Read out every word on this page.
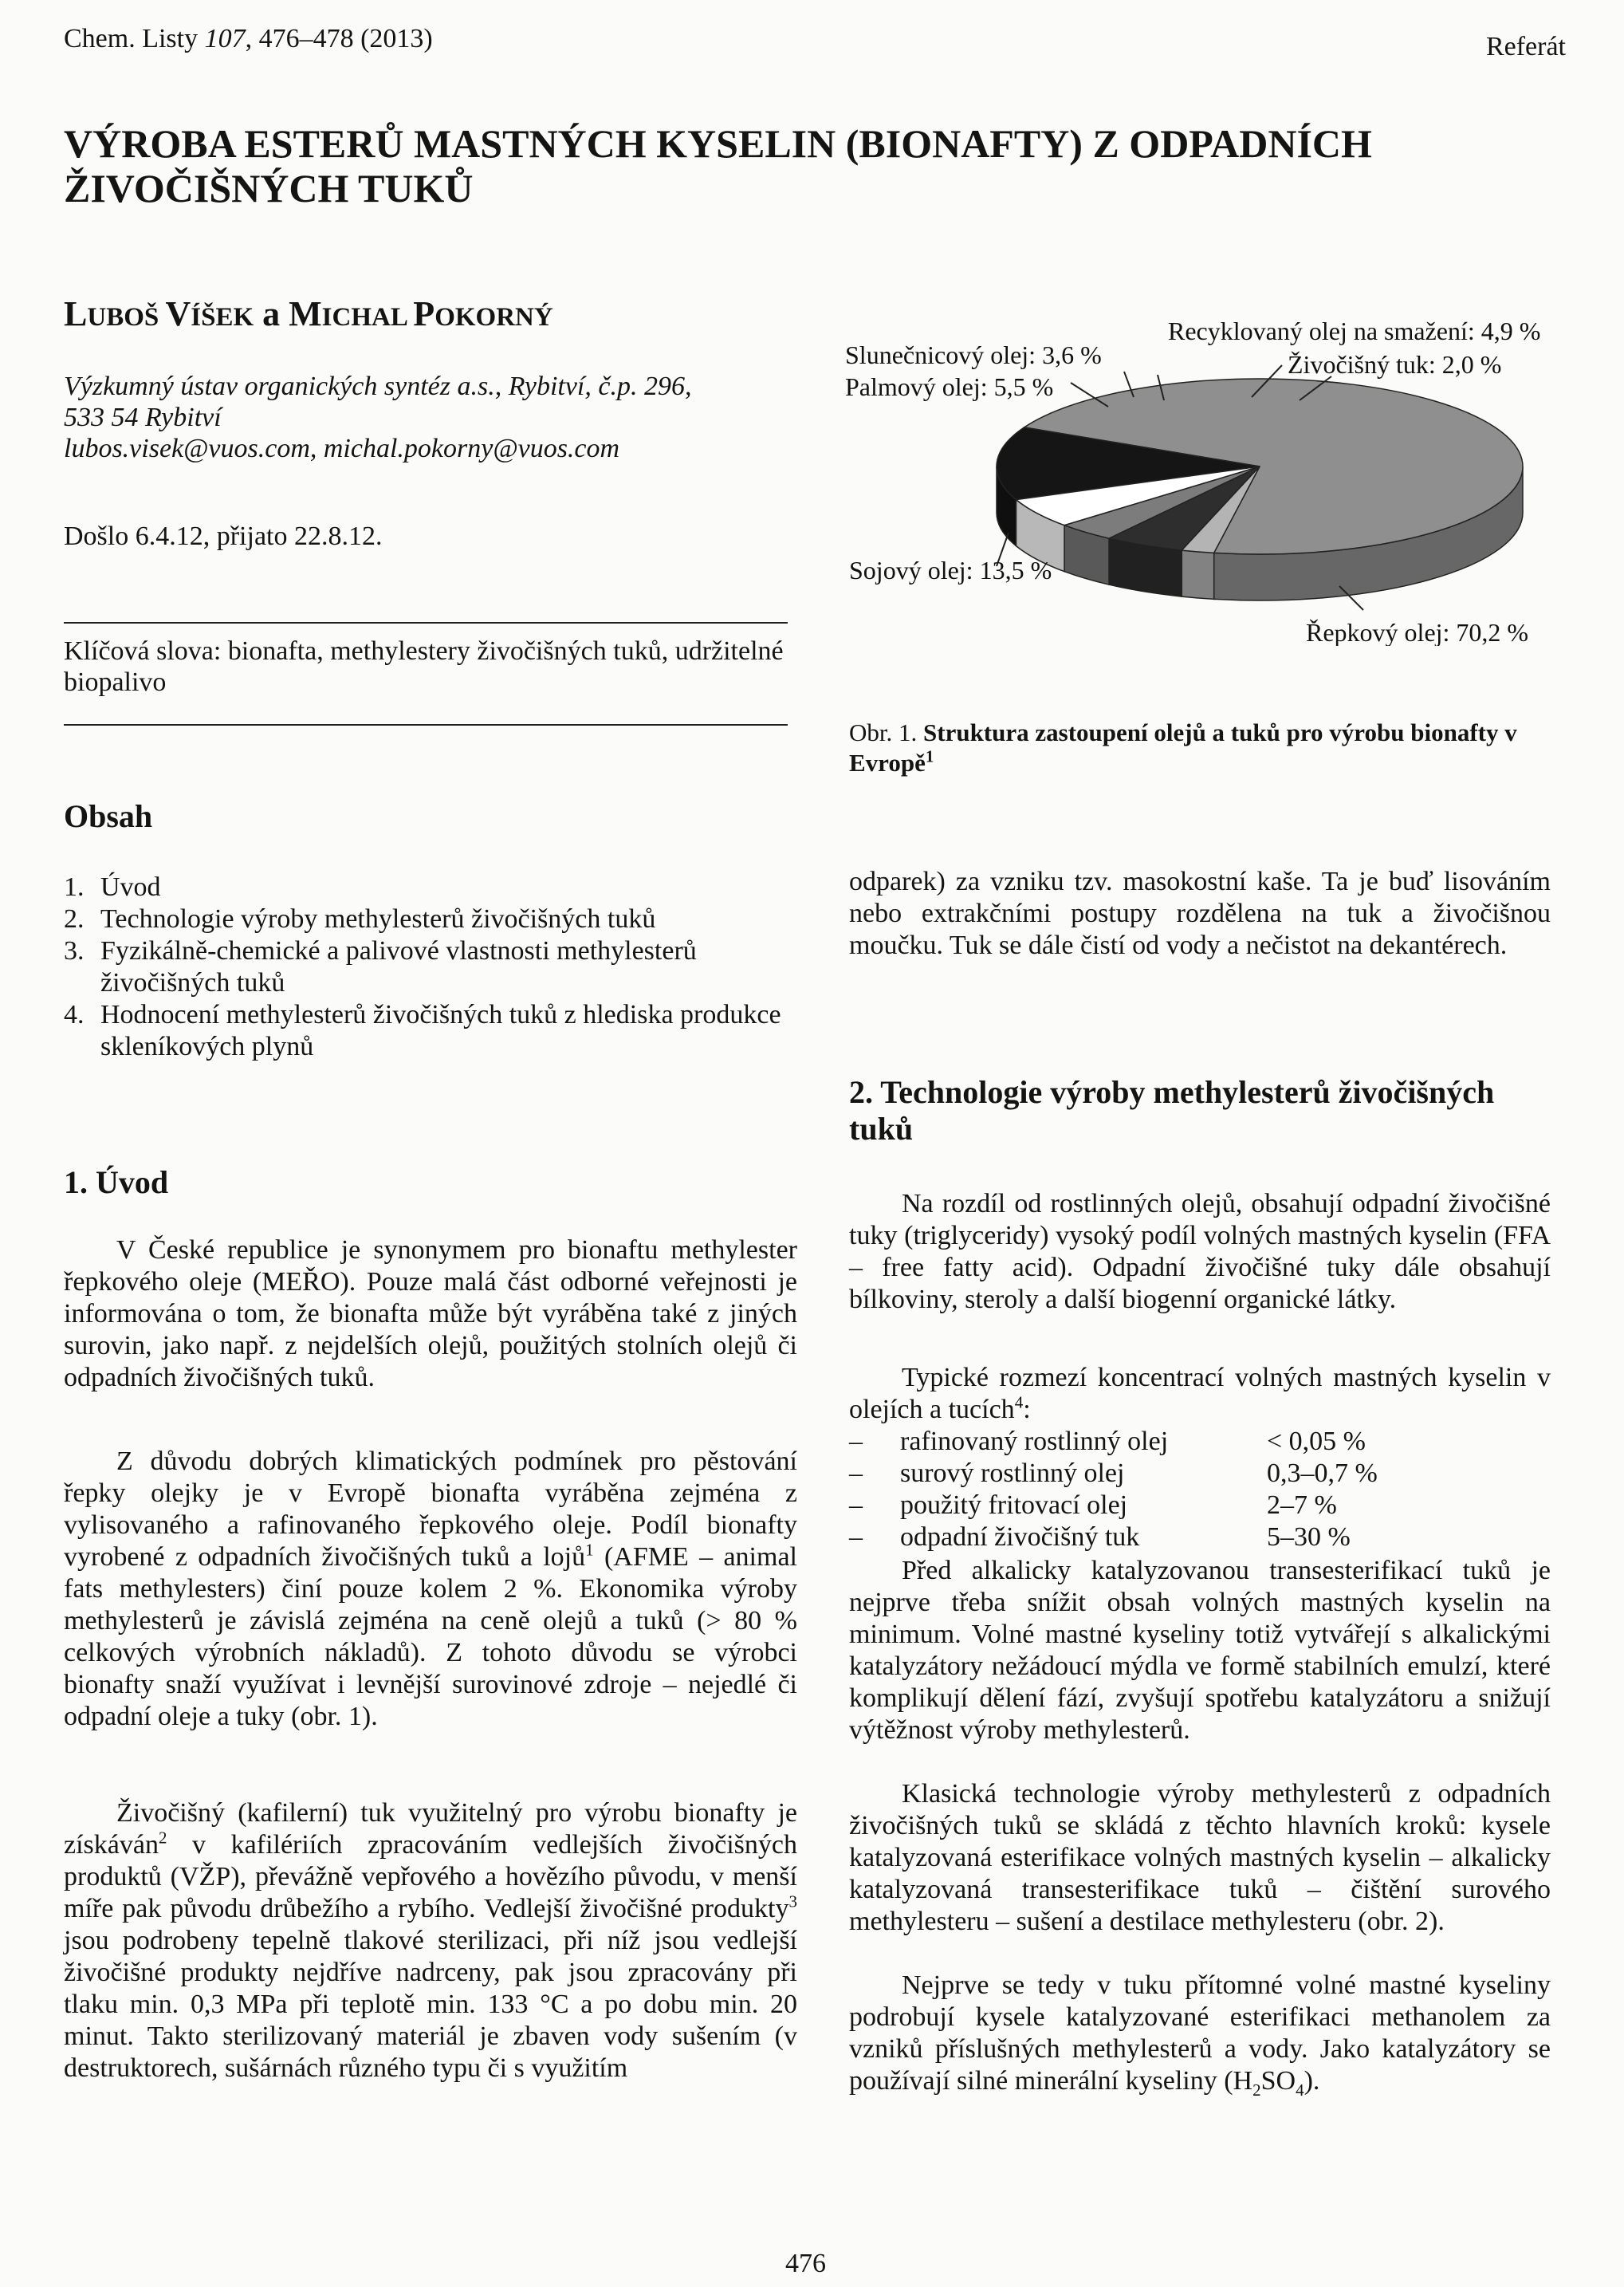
Chem. Listy 107, 476–478 (2013)	Referát
VÝROBA ESTERŮ MASTNÝCH KYSELIN (BIONAFTY) Z ODPADNÍCH
ŽIVOČIŠNÝCH TUKŮ
LUBOŠ VÍŠEK a MICHAL POKORNÝ
Výzkumný ústav organických syntéz a.s., Rybitví, č.p. 296,
533 54 Rybitví
lubos.visek@vuos.com, michal.pokorny@vuos.com
Došlo 6.4.12, přijato 22.8.12.
Klíčová slova: bionafta, methylestery živočišných tuků, udržitelné biopalivo
Obsah
1. Úvod
2. Technologie výroby methylesterů živočišných tuků
3. Fyzikálně-chemické a palivové vlastnosti methylesterů živočišných tuků
4. Hodnocení methylesterů živočišných tuků z hlediska produkce skleníkových plynů
1. Úvod

V České republice je synonymem pro bionaftu methylester řepkového oleje (MEŘO). Pouze malá část odborné veřejnosti je informována o tom, že bionafta může být vyráběna také z jiných surovin, jako např. z nejdelších olejů, použitých stolních olejů či odpadních živočišných tuků.

Z důvodu dobrých klimatických podmínek pro pěstování řepky olejky je v Evropě bionafta vyráběna zejména z vylisovaného a rafinovaného řepkového oleje. Podíl bionafty vyrobené z odpadních živočišných tuků a lojů$^1$ (AFME – animal fats methylesters) činí pouze kolem 2 %. Ekonomika výroby methylesterů je závislá zejména na ceně olejů a tuků (> 80 % celkových výrobních nákladů). Z tohoto důvodu se výrobci bionafty snaží využívat i levnější surovinové zdroje – nejedlé či odpadní oleje a tuky (obr. 1).

Živočišný (kafilerní) tuk využitelný pro výrobu bionafty je získáván$^2$ v kafilériích zpracováním vedlejších živočišných produktů (VŽP), převážně vepřového a hovězího původu, v menší míře pak původu drůbežího a rybího. Vedlejší živočišné produkty$^3$ jsou podrobeny tepelně tlakové sterilizaci, při níž jsou vedlejší živočišné produkty nejdříve nadrceny, pak jsou zpracovány při tlaku min. 0,3 MPa při teplotě min. 133 °C a po dobu min. 20 minut. Takto sterilizovaný materiál je zbaven vody sušením (v destruktorech, sušárnách různého typu či s využitím

Slunečnicový olej: 3,6 %
Palmový olej: 5,5 %
Recyklovaný olej na smažení: 4,9 %
Živočišný tuk: 2,0 %
Sojový olej: 13,5 %
Řepkový olej: 70,2 %

Obr. 1. Struktura zastoupení olejů a tuků pro výrobu bionafty v Evropě$^1$

odparek) za vzniku tzv. masokostní kaše. Ta je buď lisováním nebo extrakčními postupy rozdělena na tuk a živočišnou moučku. Tuk se dále čistí od vody a nečistot na dekantérech.

2. Technologie výroby methylesterů živočišných tuků

Na rozdíl od rostlinných olejů, obsahují odpadní živočišné tuky (triglyceridy) vysoký podíl volných mastných kyselin (FFA – free fatty acid). Odpadní živočišné tuky dále obsahují bílkoviny, steroly a další biogenní organické látky.

Typické rozmezí koncentrací volných mastných kyselin v olejích a tucích$^4$:

–	rafinovaný rostlinný olej	< 0,05 %
–	surový rostlinný olej	0,3–0,7 %
–	použitý fritovací olej	2–7 %
–	odpadní živočišný tuk	5–30 %

Před alkalicky katalyzovanou transesterifikací tuků je nejprve třeba snížit obsah volných mastných kyselin na minimum. Volné mastné kyseliny totiž vytvářejí s alkalickými katalyzátory nežádoucí mýdla ve formě stabilních emulzí, které komplikují dělení fází, zvyšují spotřebu katalyzátoru a snižují výtěžnost výroby methylesterů.

Klasická technologie výroby methylesterů z odpadních živočišných tuků se skládá z těchto hlavních kroků: kysele katalyzovaná esterifikace volných mastných kyselin – alkalicky katalyzovaná transesterifikace tuků – čištění surového methylesteru – sušení a destilace methylesteru (obr. 2).

Nejprve se tedy v tuku přítomné volné mastné kyseliny podrobují kysele katalyzované esterifikaci methanolem za vzniků příslušných methylesterů a vody. Jako katalyzátory se používají silné minerální kyseliny $(H_2SO_4)$.

476
